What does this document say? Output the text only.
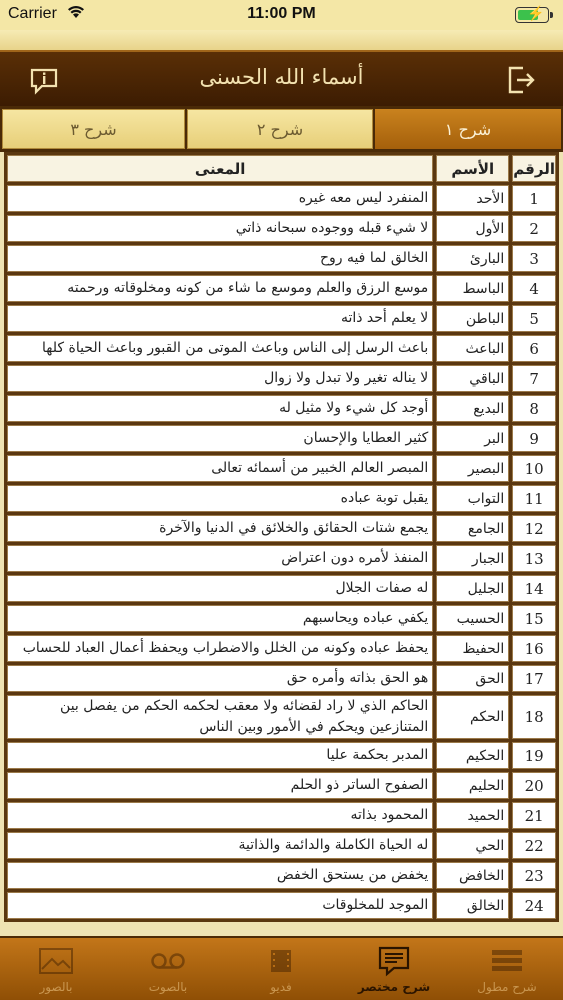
Carrier	11:00 PM	⚡
أسماء الله الحسنى
شرح ٣	شرح ٢	شرح ١
الرقم	الأسم	المعنى
1	الأحد	المنفرد ليس معه غيره
2	الأول	لا شيء قبله ووجوده سبحانه ذاتي
3	البارئ	الخالق لما فيه روح
4	الباسط	موسع الرزق والعلم وموسع ما شاء من كونه ومخلوقاته ورحمته
5	الباطن	لا يعلم أحد ذاته
6	الباعث	باعث الرسل إلى الناس وباعث الموتى من القبور وباعث الحياة كلها
7	الباقي	لا يناله تغير ولا تبدل ولا زوال
8	البديع	أوجد كل شيء ولا مثيل له
9	البر	كثير العطايا والإحسان
10	البصير	المبصر العالم الخبير من أسمائه تعالى
11	التواب	يقبل توبة عباده
12	الجامع	يجمع شتات الحقائق والخلائق في الدنيا والآخرة
13	الجبار	المنفذ لأمره دون اعتراض
14	الجليل	له صفات الجلال
15	الحسيب	يكفي عباده ويحاسبهم
16	الحفيظ	يحفظ عباده وكونه من الخلل والاضطراب ويحفظ أعمال العباد للحساب
17	الحق	هو الحق بذاته وأمره حق
18	الحكم	الحاكم الذي لا راد لقضائه ولا معقب لحكمه الحكم من يفصل بين المتنازعين ويحكم في الأمور وبين الناس
19	الحكيم	المدبر بحكمة عليا
20	الحليم	الصفوح الساتر ذو الحلم
21	الحميد	المحمود بذاته
22	الحي	له الحياة الكاملة والدائمة والذاتية
23	الخافض	يخفض من يستحق الخفض
24	الخالق	الموجد للمخلوقات
بالصور	بالصوت	فديو	شرح مختصر	شرح مطول
